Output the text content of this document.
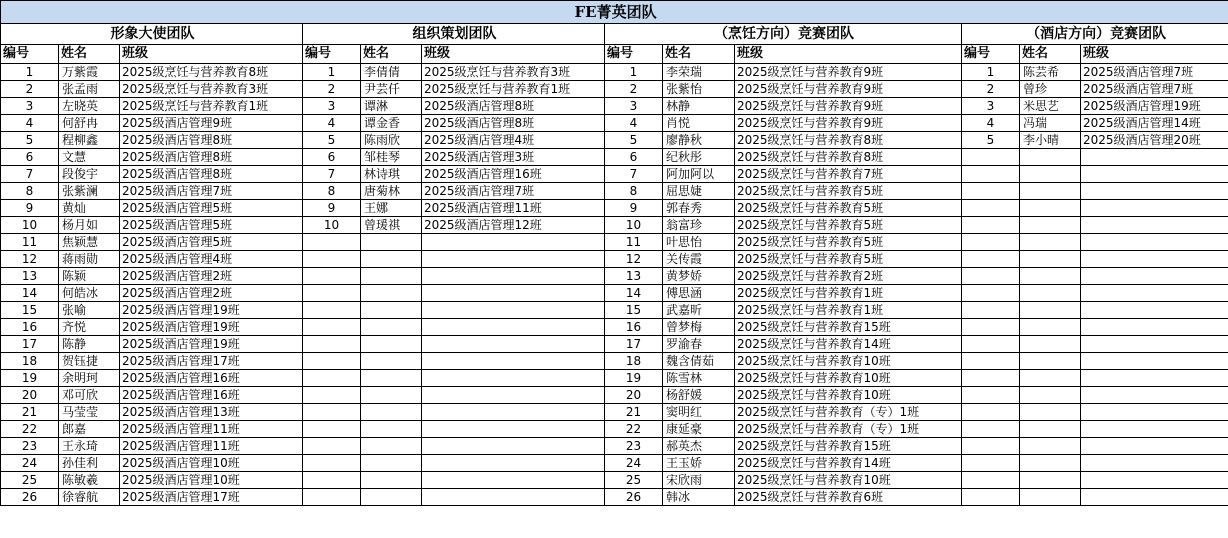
FE菁英团队											
形象大使团队			组织策划团队			（烹饪方向）竞赛团队			（酒店方向）竞赛团队		
编号	姓名	班级	编号	姓名	班级	编号	姓名	班级	编号	姓名	班级
1	万紫霞	2025级烹饪与营养教育8班	1	李倩倩	2025级烹饪与营养教育3班	1	李荣瑞	2025级烹饪与营养教育9班	1	陈芸希	2025级酒店管理7班
2	张孟雨	2025级烹饪与营养教育3班	2	尹芸仟	2025级烹饪与营养教育1班	2	张紫怡	2025级烹饪与营养教育9班	2	曾珍	2025级酒店管理7班
3	左晓英	2025级烹饪与营养教育1班	3	谭淋	2025级酒店管理8班	3	林静	2025级烹饪与营养教育9班	3	米思艺	2025级酒店管理19班
4	何舒冉	2025级酒店管理9班	4	谭金香	2025级酒店管理8班	4	肖悦	2025级烹饪与营养教育9班	4	冯瑞	2025级酒店管理14班
5	程柳鑫	2025级酒店管理8班	5	陈雨欣	2025级酒店管理4班	5	廖静秋	2025级烹饪与营养教育8班	5	李小晴	2025级酒店管理20班
6	文慧	2025级酒店管理8班	6	邹桂琴	2025级酒店管理3班	6	纪秋彤	2025级烹饪与营养教育8班			
7	段俊宇	2025级酒店管理8班	7	林诗琪	2025级酒店管理16班	7	阿加阿以	2025级烹饪与营养教育7班			
8	张紫澜	2025级酒店管理7班	8	唐菊林	2025级酒店管理7班	8	屈思婕	2025级烹饪与营养教育5班			
9	黄灿	2025级酒店管理5班	9	王娜	2025级酒店管理11班	9	郭春秀	2025级烹饪与营养教育5班			
10	杨月如	2025级酒店管理5班	10	曾瑗祺	2025级酒店管理12班	10	翁富珍	2025级烹饪与营养教育5班			
11	焦颖慧	2025级酒店管理5班				11	叶思怡	2025级烹饪与营养教育5班			
12	蒋雨勋	2025级酒店管理4班				12	关传霞	2025级烹饪与营养教育5班			
13	陈颖	2025级酒店管理2班				13	黄梦娇	2025级烹饪与营养教育2班			
14	何皓冰	2025级酒店管理2班				14	傅思涵	2025级烹饪与营养教育1班			
15	张喻	2025级酒店管理19班				15	武嘉昕	2025级烹饪与营养教育1班			
16	齐悦	2025级酒店管理19班				16	曾梦梅	2025级烹饪与营养教育15班			
17	陈静	2025级酒店管理19班				17	罗渝春	2025级烹饪与营养教育14班			
18	贺钰捷	2025级酒店管理17班				18	魏含倩茹	2025级烹饪与营养教育10班			
19	余明珂	2025级酒店管理16班				19	陈雪林	2025级烹饪与营养教育10班			
20	邓可欣	2025级酒店管理16班				20	杨舒媛	2025级烹饪与营养教育10班			
21	马莹莹	2025级酒店管理13班				21	窦明红	2025级烹饪与营养教育（专）1班			
22	郎嘉	2025级酒店管理11班				22	康延豪	2025级烹饪与营养教育（专）1班			
23	王永琦	2025级酒店管理11班				23	郝英杰	2025级烹饪与营养教育15班			
24	孙佳利	2025级酒店管理10班				24	王玉娇	2025级烹饪与营养教育14班			
25	陈敏羲	2025级酒店管理10班				25	宋欣雨	2025级烹饪与营养教育10班			
26	徐睿航	2025级酒店管理17班				26	韩冰	2025级烹饪与营养教育6班			
